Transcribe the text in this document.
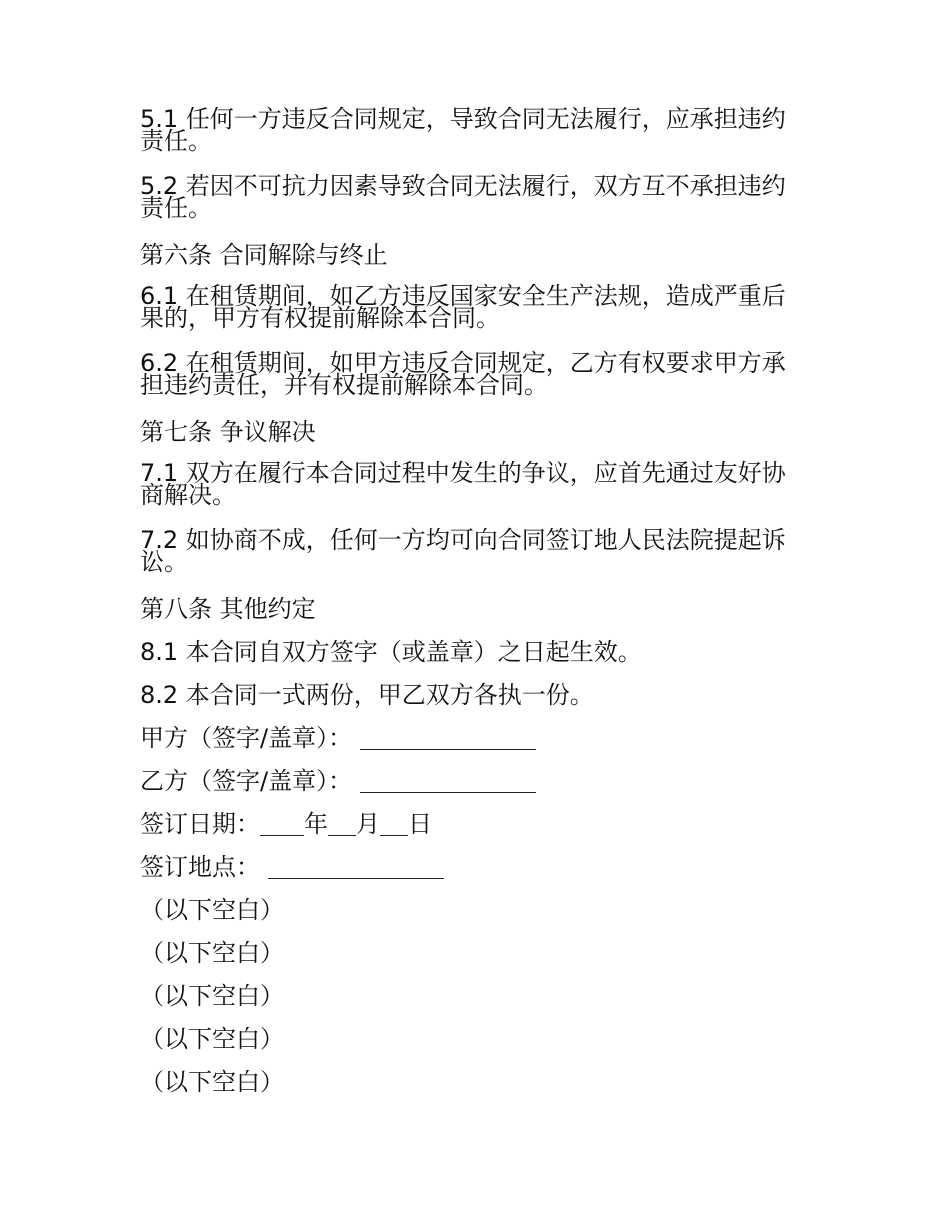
5.1 任何一方违反合同规定，导致合同无法履行，应承担违约责任。

5.2 若因不可抗力因素导致合同无法履行，双方互不承担违约责任。

第六条 合同解除与终止

6.1 在租赁期间，如乙方违反国家安全生产法规，造成严重后果的，甲方有权提前解除本合同。

6.2 在租赁期间，如甲方违反合同规定，乙方有权要求甲方承担违约责任，并有权提前解除本合同。

第七条 争议解决

7.1 双方在履行本合同过程中发生的争议，应首先通过友好协商解决。

7.2 如协商不成，任何一方均可向合同签订地人民法院提起诉讼。

第八条 其他约定

8.1 本合同自双方签字（或盖章）之日起生效。

8.2 本合同一式两份，甲乙双方各执一份。

甲方（签字/盖章）：

乙方（签字/盖章）：

签订日期： 年 月 日

签订地点：

（以下空白）

（以下空白）

（以下空白）

（以下空白）

（以下空白）
